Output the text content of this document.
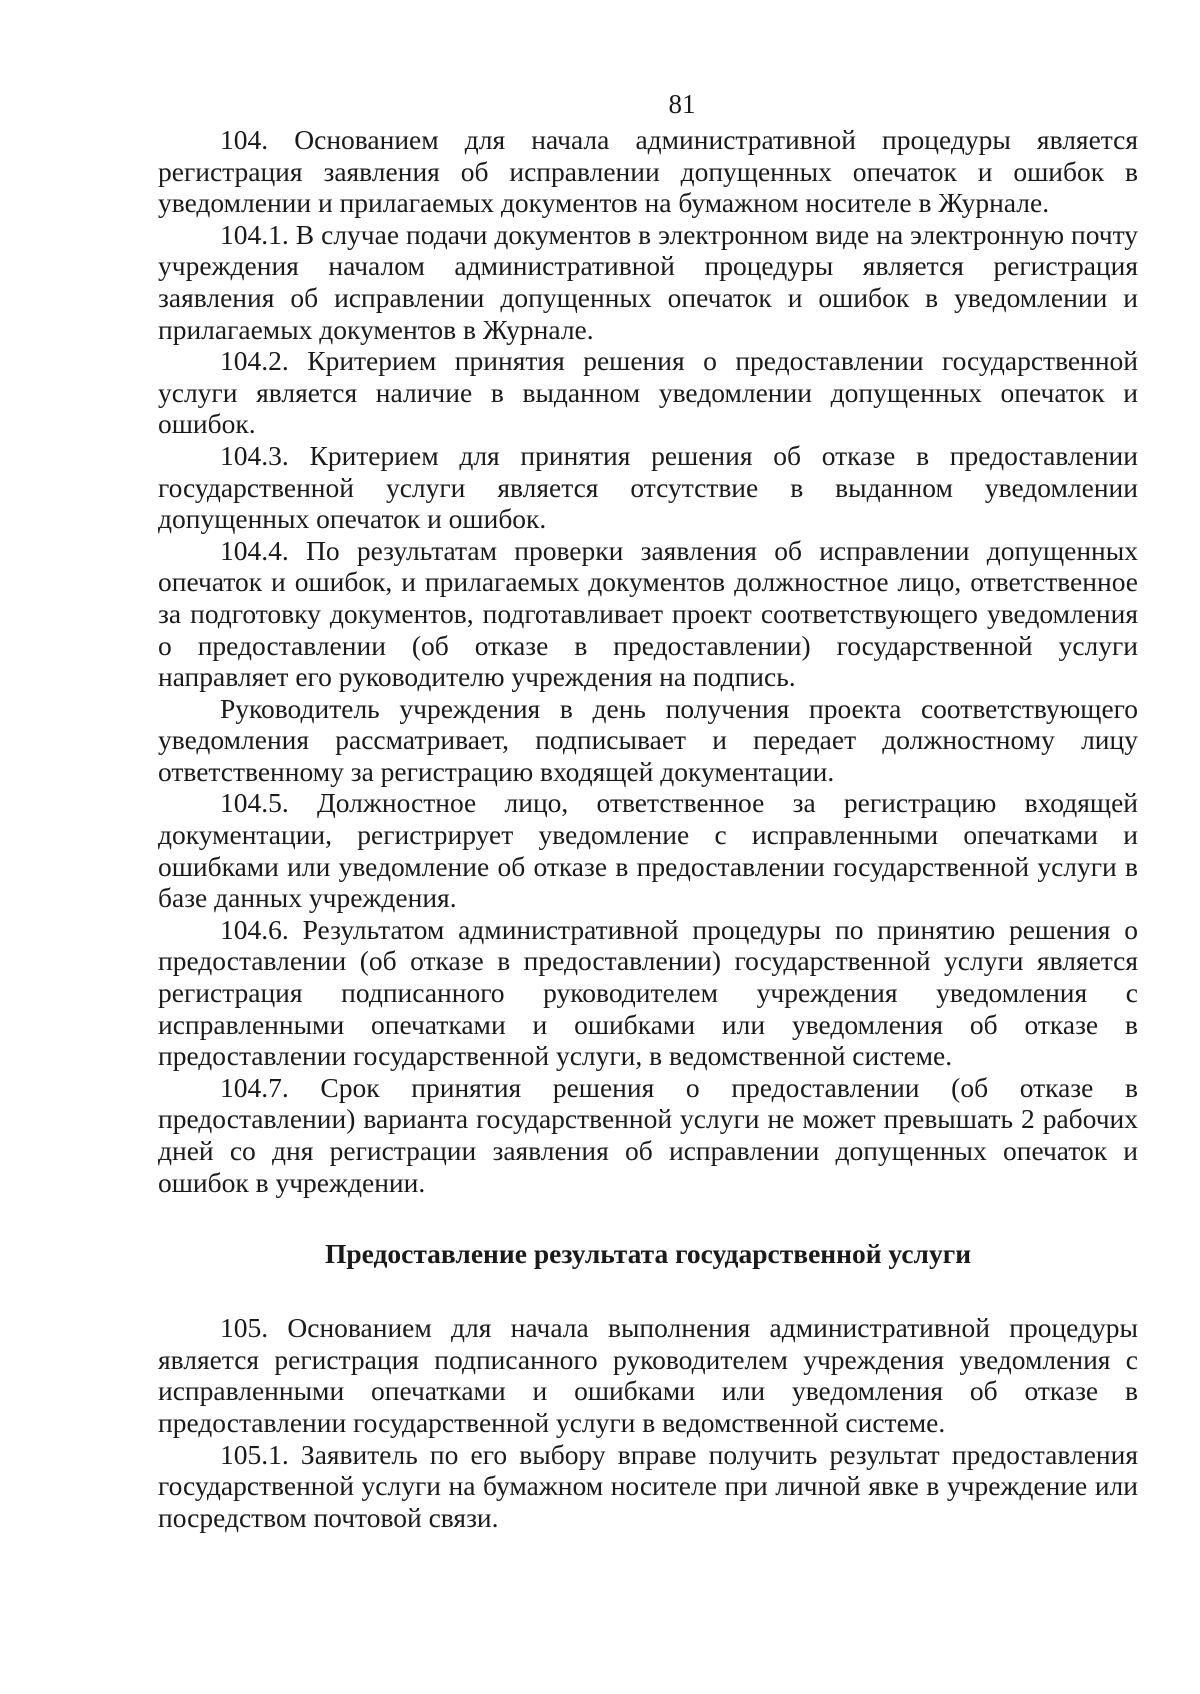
81

104. Основанием для начала административной процедуры является регистрация заявления об исправлении допущенных опечаток и ошибок в уведомлении и прилагаемых документов на бумажном носителе в Журнале.

104.1. В случае подачи документов в электронном виде на электронную почту учреждения началом административной процедуры является регистрация заявления об исправлении допущенных опечаток и ошибок в уведомлении и прилагаемых документов в Журнале.

104.2. Критерием принятия решения о предоставлении государственной услуги является наличие в выданном уведомлении допущенных опечаток и ошибок.

104.3. Критерием для принятия решения об отказе в предоставлении государственной услуги является отсутствие в выданном уведомлении допущенных опечаток и ошибок.

104.4. По результатам проверки заявления об исправлении допущенных опечаток и ошибок, и прилагаемых документов должностное лицо, ответственное за подготовку документов, подготавливает проект соответствующего уведомления о предоставлении (об отказе в предоставлении) государственной услуги направляет его руководителю учреждения на подпись.

Руководитель учреждения в день получения проекта соответствующего уведомления рассматривает, подписывает и передает должностному лицу ответственному за регистрацию входящей документации.

104.5. Должностное лицо, ответственное за регистрацию входящей документации, регистрирует уведомление с исправленными опечатками и ошибками или уведомление об отказе в предоставлении государственной услуги в базе данных учреждения.

104.6. Результатом административной процедуры по принятию решения о предоставлении (об отказе в предоставлении) государственной услуги является регистрация подписанного руководителем учреждения уведомления с исправленными опечатками и ошибками или уведомления об отказе в предоставлении государственной услуги, в ведомственной системе.

104.7. Срок принятия решения о предоставлении (об отказе в предоставлении) варианта государственной услуги не может превышать 2 рабочих дней со дня регистрации заявления об исправлении допущенных опечаток и ошибок в учреждении.

Предоставление результата государственной услуги

105. Основанием для начала выполнения административной процедуры является регистрация подписанного руководителем учреждения уведомления с исправленными опечатками и ошибками или уведомления об отказе в предоставлении государственной услуги в ведомственной системе.

105.1. Заявитель по его выбору вправе получить результат предоставления государственной услуги на бумажном носителе при личной явке в учреждение или посредством почтовой связи.
